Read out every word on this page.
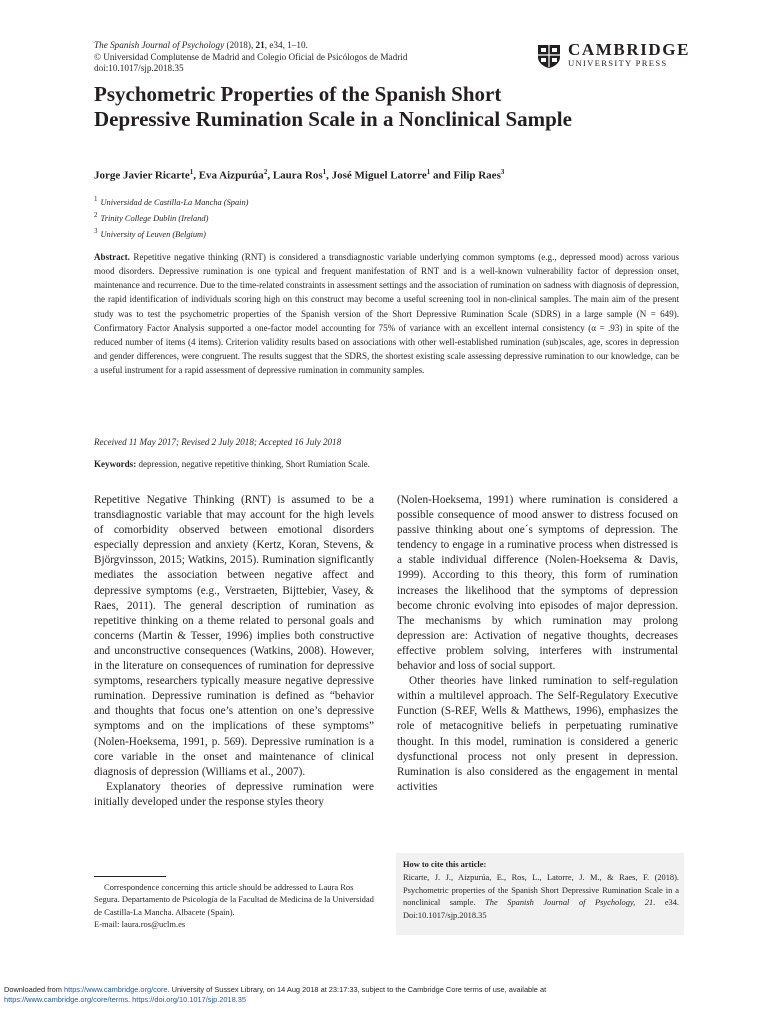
The Spanish Journal of Psychology (2018), 21, e34, 1–10.
© Universidad Complutense de Madrid and Colegio Oficial de Psicólogos de Madrid
doi:10.1017/sjp.2018.35
CAMBRIDGE
UNIVERSITY PRESS
Psychometric Properties of the Spanish Short
Depressive Rumination Scale in a Nonclinical Sample
Jorge Javier Ricarte$^1$, Eva Aizpurúa$^2$, Laura Ros$^1$, José Miguel Latorre$^1$ and Filip Raes$^3$
$^1$ Universidad de Castilla-La Mancha (Spain)
$^2$ Trinity College Dublin (Ireland)
$^3$ University of Leuven (Belgium)

Abstract. Repetitive negative thinking (RNT) is considered a transdiagnostic variable underlying common symptoms (e.g., depressed mood) across various mood disorders. Depressive rumination is one typical and frequent manifestation of RNT and is a well-known vulnerability factor of depression onset, maintenance and recurrence. Due to the time-related constraints in assessment settings and the association of rumination on sadness with diagnosis of depression, the rapid identification of individuals scoring high on this construct may become a useful screening tool in non-clinical samples. The main aim of the present study was to test the psychometric properties of the Spanish version of the Short Depressive Rumination Scale (SDRS) in a large sample (N = 649). Confirmatory Factor Analysis supported a one-factor model accounting for 75% of variance with an excellent internal consistency (α = .93) in spite of the reduced number of items (4 items). Criterion validity results based on associations with other well-established rumination (sub)scales, age, scores in depression and gender differences, were congruent. The results suggest that the SDRS, the shortest existing scale assessing depressive rumination to our knowledge, can be a useful instrument for a rapid assessment of depressive rumination in community samples.

Received 11 May 2017; Revised 2 July 2018; Accepted 16 July 2018
Keywords: depression, negative repetitive thinking, Short Rumiation Scale.

Repetitive Negative Thinking (RNT) is assumed to be a transdiagnostic variable that may account for the high levels of comorbidity observed between emotional disorders especially depression and anxiety (Kertz, Koran, Stevens, & Björgvinsson, 2015; Watkins, 2015). Rumination significantly mediates the association between negative affect and depressive symptoms (e.g., Verstraeten, Bijttebier, Vasey, & Raes, 2011). The general description of rumination as repetitive thinking on a theme related to personal goals and concerns (Martin & Tesser, 1996) implies both constructive and unconstructive consequences (Watkins, 2008). However, in the literature on consequences of rumination for depressive symptoms, researchers typically measure negative depressive rumination. Depressive rumination is defined as “behavior and thoughts that focus one’s attention on one’s depressive symptoms and on the implications of these symptoms” (Nolen-Hoeksema, 1991, p. 569). Depressive rumination is a core variable in the onset and maintenance of clinical diagnosis of depression (Williams et al., 2007).

Explanatory theories of depressive rumination were initially developed under the response styles theory

(Nolen-Hoeksema, 1991) where rumination is considered a possible consequence of mood answer to distress focused on passive thinking about one´s symptoms of depression. The tendency to engage in a ruminative process when distressed is a stable individual difference (Nolen-Hoeksema & Davis, 1999). According to this theory, this form of rumination increases the likelihood that the symptoms of depression become chronic evolving into episodes of major depression. The mechanisms by which rumination may prolong depression are: Activation of negative thoughts, decreases effective problem solving, interferes with instrumental behavior and loss of social support.

Other theories have linked rumination to self-regulation within a multilevel approach. The Self-Regulatory Executive Function (S-REF, Wells & Matthews, 1996), emphasizes the role of metacognitive beliefs in perpetuating ruminative thought. In this model, rumination is considered a generic dysfunctional process not only present in depression. Rumination is also considered as the engagement in mental activities

Correspondence concerning this article should be addressed to Laura Ros Segura. Departamento de Psicología de la Facultad de Medicina de la Universidad de Castilla-La Mancha. Albacete (Spain).
E-mail: laura.ros@uclm.es

How to cite this article:
Ricarte, J. J., Aizpurúa, E., Ros, L., Latorre, J. M., & Raes, F. (2018). Psychometric properties of the Spanish Short Depressive Rumination Scale in a nonclinical sample. The Spanish Journal of Psychology, 21. e34. Doi:10.1017/sjp.2018.35
Downloaded from https://www.cambridge.org/core. University of Sussex Library, on 14 Aug 2018 at 23:17:33, subject to the Cambridge Core terms of use, available at
https://www.cambridge.org/core/terms. https://doi.org/10.1017/sjp.2018.35
